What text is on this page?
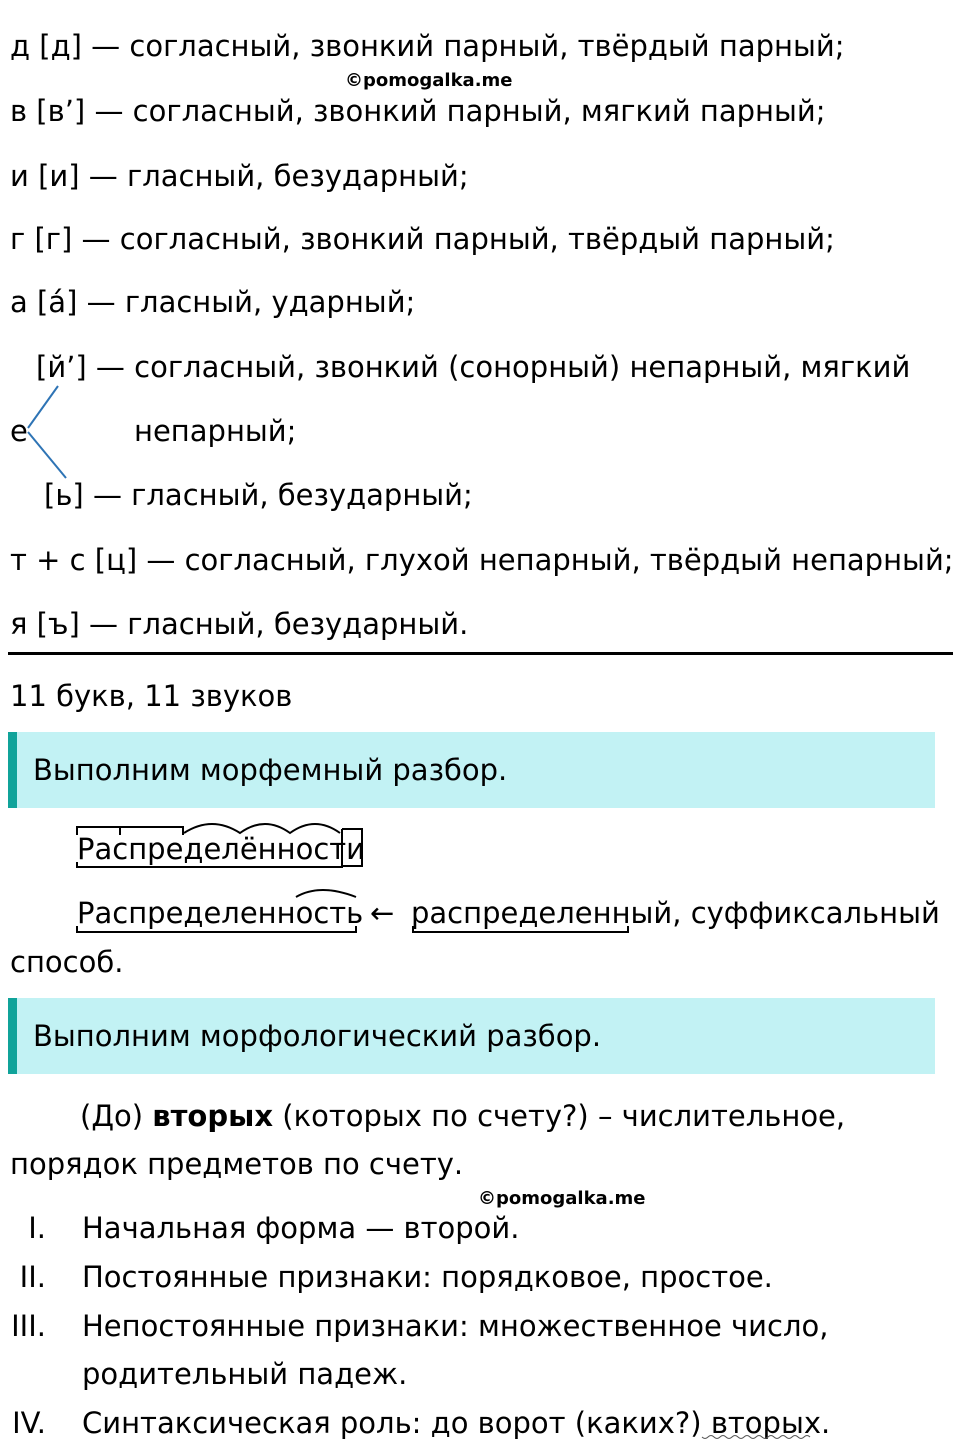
д [д] — согласный, звонкий парный, твёрдый парный;
©pomogalka.me
в [в’] — согласный, звонкий парный, мягкий парный;
и [и] — гласный, безударный;
г [г] — согласный, звонкий парный, твёрдый парный;
а [á] — гласный, ударный;
[й’] — согласный, звонкий (сонорный) непарный, мягкий
е	непарный;
[ь] — гласный, безударный;
т + с [ц] — согласный, глухой непарный, твёрдый непарный;
я [ъ] — гласный, безударный.
11 букв, 11 звуков
Выполним морфемный разбор.
Распределённости
Распределенность ← распределенный, суффиксальный
способ.
Выполним морфологический разбор.
(До) вторых (которых по счету?) – числительное,
порядок предметов по счету.
©pomogalka.me
I. Начальная форма — второй.
II. Постоянные признаки: порядковое, простое.
III. Непостоянные признаки: множественное число,
родительный падеж.
IV. Синтаксическая роль: до ворот (каких?) вторых.
